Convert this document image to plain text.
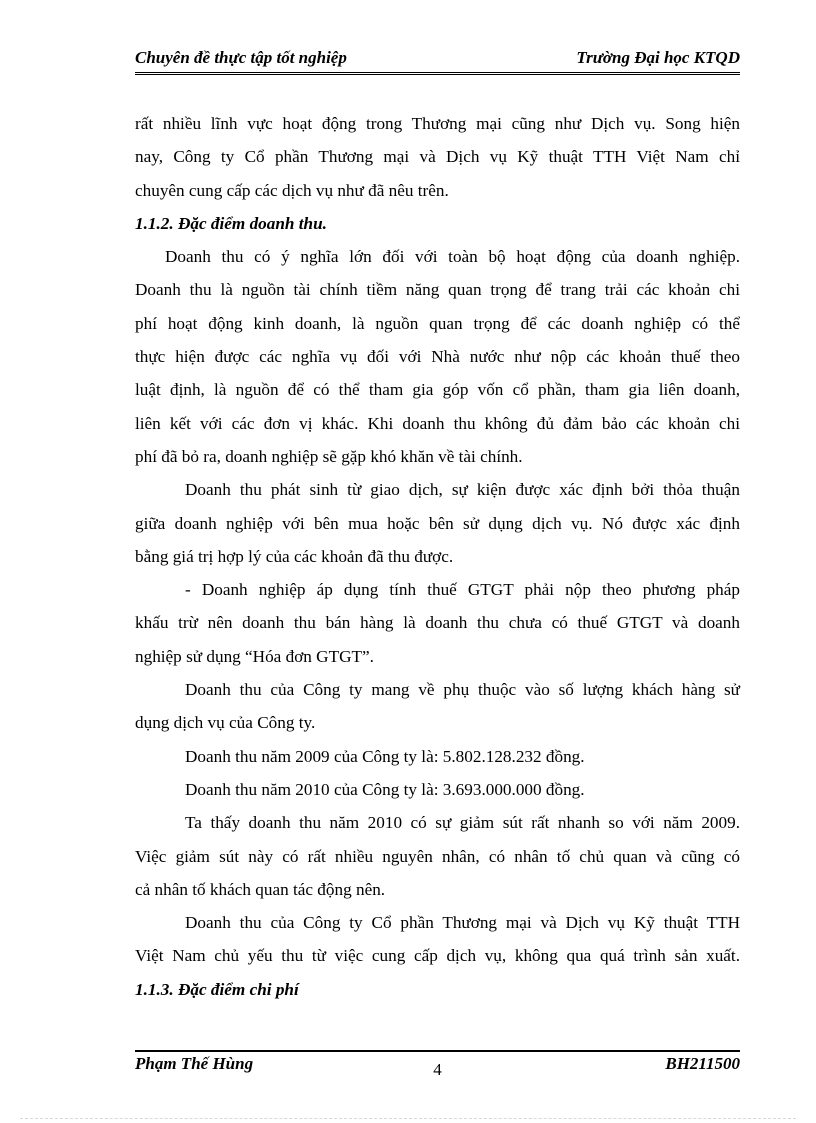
Chuyên đề thực tập tốt nghiệp	Trường Đại học KTQD
rất nhiều lĩnh vực hoạt động trong Thương mại cũng như Dịch vụ. Song hiện
nay, Công ty Cổ phần Thương mại và Dịch vụ Kỹ thuật TTH Việt Nam chỉ
chuyên cung cấp các dịch vụ như đã nêu trên.
1.1.2. Đặc điểm doanh thu.
Doanh thu có ý nghĩa lớn đối với toàn bộ hoạt động của doanh nghiệp.
Doanh thu là nguồn tài chính tiềm năng quan trọng để trang trải các khoản chi
phí hoạt động kinh doanh, là nguồn quan trọng để các doanh nghiệp có thể
thực hiện được các nghĩa vụ đối với Nhà nước như nộp các khoản thuế theo
luật định, là nguồn để có thể tham gia góp vốn cổ phần, tham gia liên doanh,
liên kết với các đơn vị khác. Khi doanh thu không đủ đảm bảo các khoản chi
phí đã bỏ ra, doanh nghiệp sẽ gặp khó khăn về tài chính.
Doanh thu phát sinh từ giao dịch, sự kiện được xác định bởi thỏa thuận
giữa doanh nghiệp với bên mua hoặc bên sử dụng dịch vụ. Nó được xác định
bằng giá trị hợp lý của các khoản đã thu được.
- Doanh nghiệp áp dụng tính thuế GTGT phải nộp theo phương pháp
khấu trừ nên doanh thu bán hàng là doanh thu chưa có thuế GTGT và doanh
nghiệp sử dụng “Hóa đơn GTGT”.
Doanh thu của Công ty mang về phụ thuộc vào số lượng khách hàng sử
dụng dịch vụ của Công ty.
Doanh thu năm 2009 của Công ty là: 5.802.128.232 đồng.
Doanh thu năm 2010 của Công ty là: 3.693.000.000 đồng.
Ta thấy doanh thu năm 2010 có sự giảm sút rất nhanh so với năm 2009.
Việc giảm sút này có rất nhiều nguyên nhân, có nhân tố chủ quan và cũng có
cả nhân tố khách quan tác động nên.
Doanh thu của Công ty Cổ phần Thương mại và Dịch vụ Kỹ thuật TTH
Việt Nam chủ yếu thu từ việc cung cấp dịch vụ, không qua quá trình sản xuất.
1.1.3. Đặc điểm chi phí
Phạm Thế Hùng	4	BH211500
